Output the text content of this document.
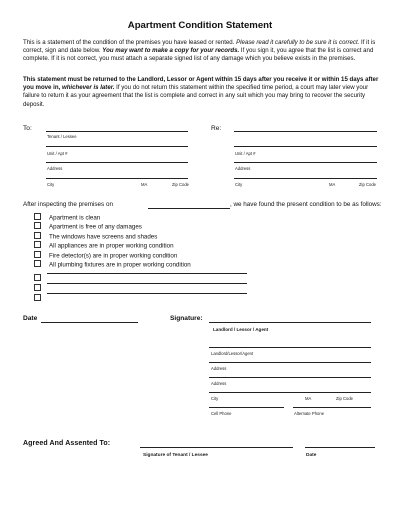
Apartment Condition Statement
This is a statement of the condition of the premises you have leased or rented. Please read it carefully to be sure it is correct. If it is correct, sign and date below. You may want to make a copy for your records. If you sign it, you agree that the list is correct and complete. If it is not correct, you must attach a separate signed list of any damage which you believe exists in the premises.
This statement must be returned to the Landlord, Lessor or Agent within 15 days after you receive it or within 15 days after you move in, whichever is later. If you do not return this statement within the specified time period, a court may later view your failure to return it as your agreement that the list is complete and correct in any suit which you may bring to recover the security deposit.
To:
Tenant / Lessee
Unit / Apt #
Address
City	MA	Zip Code
Re:
Unit / Apt #
Address
City	MA	Zip Code
After inspecting the premises on	, we have found the present condition to be as follows:
Apartment is clean
Apartment is free of any damages
The windows have screens and shades
All appliances are in proper working condition
Fire detector(s) are in proper working condition
All plumbing fixtures are in proper working condition
Date	Signature:
Landlord / Lessor / Agent
Landlord/Lessor/Agent
Address
Address
City	MA	Zip Code
Cell Phone	Alternate Phone
Agreed And Assented To:
Signature of Tenant / Lessee	Date
